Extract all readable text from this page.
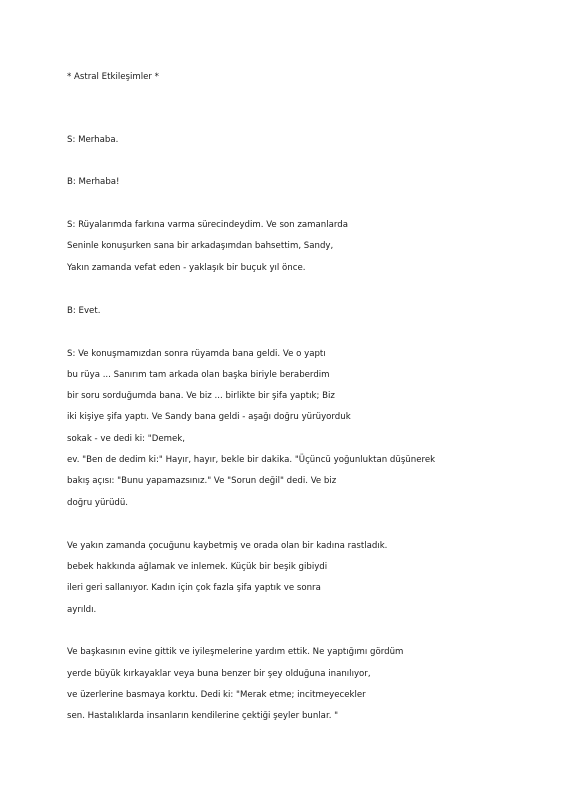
* Astral Etkileşimler *
S: Merhaba.
B: Merhaba!
S: Rüyalarımda farkına varma sürecindeydim. Ve son zamanlarda
Seninle konuşurken sana bir arkadaşımdan bahsettim, Sandy,
Yakın zamanda vefat eden - yaklaşık bir buçuk yıl önce.
B: Evet.
S: Ve konuşmamızdan sonra rüyamda bana geldi. Ve o yaptı
bu rüya ... Sanırım tam arkada olan başka biriyle beraberdim
bir soru sorduğumda bana. Ve biz ... birlikte bir şifa yaptık; Biz
iki kişiye şifa yaptı. Ve Sandy bana geldi - aşağı doğru yürüyorduk
sokak - ve dedi ki: "Demek,
ev. "Ben de dedim ki:" Hayır, hayır, bekle bir dakika. "Üçüncü yoğunluktan düşünerek
bakış açısı: "Bunu yapamazsınız." Ve "Sorun değil" dedi. Ve biz
doğru yürüdü.
Ve yakın zamanda çocuğunu kaybetmiş ve orada olan bir kadına rastladık.
bebek hakkında ağlamak ve inlemek. Küçük bir beşik gibiydi
ileri geri sallanıyor. Kadın için çok fazla şifa yaptık ve sonra
ayrıldı.
Ve başkasının evine gittik ve iyileşmelerine yardım ettik. Ne yaptığımı gördüm
yerde büyük kırkayaklar veya buna benzer bir şey olduğuna inanılıyor,
ve üzerlerine basmaya korktu. Dedi ki: "Merak etme; incitmeyecekler
sen. Hastalıklarda insanların kendilerine çektiği şeyler bunlar. "
